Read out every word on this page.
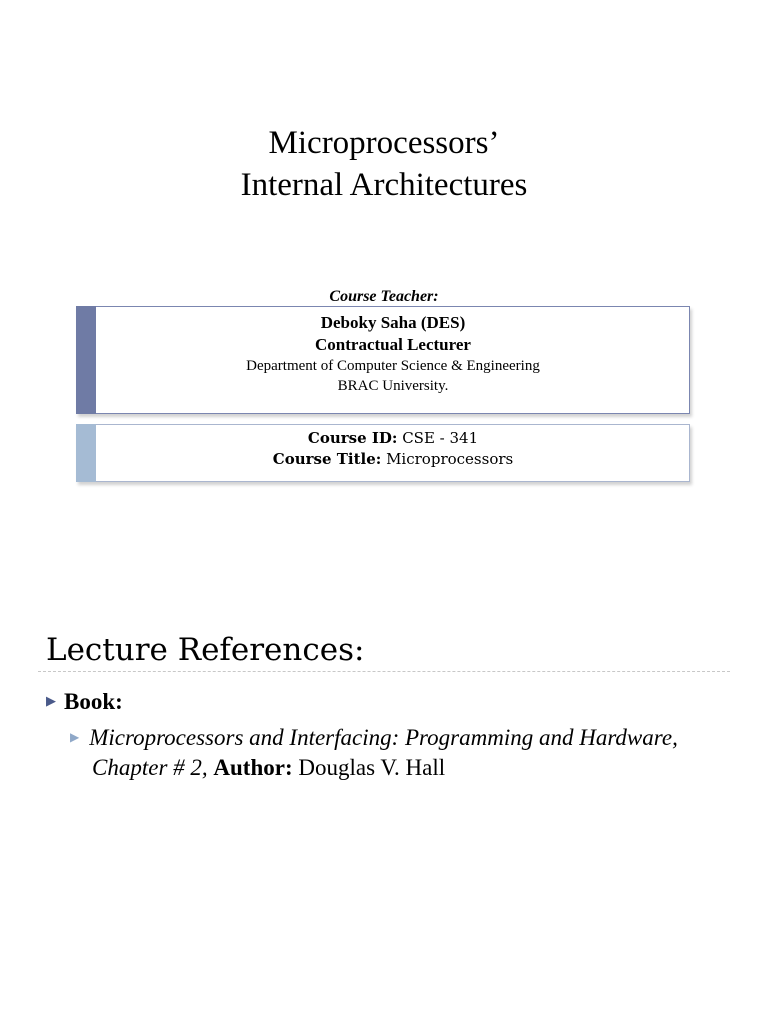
Microprocessors’
Internal Architectures
Course Teacher:
Deboky Saha (DES)
Contractual Lecturer
Department of Computer Science & Engineering
BRAC University.
Course ID: CSE - 341
Course Title: Microprocessors
Lecture References:
▶ Book:
▶ Microprocessors and Interfacing: Programming and Hardware,
Chapter # 2, Author: Douglas V. Hall
